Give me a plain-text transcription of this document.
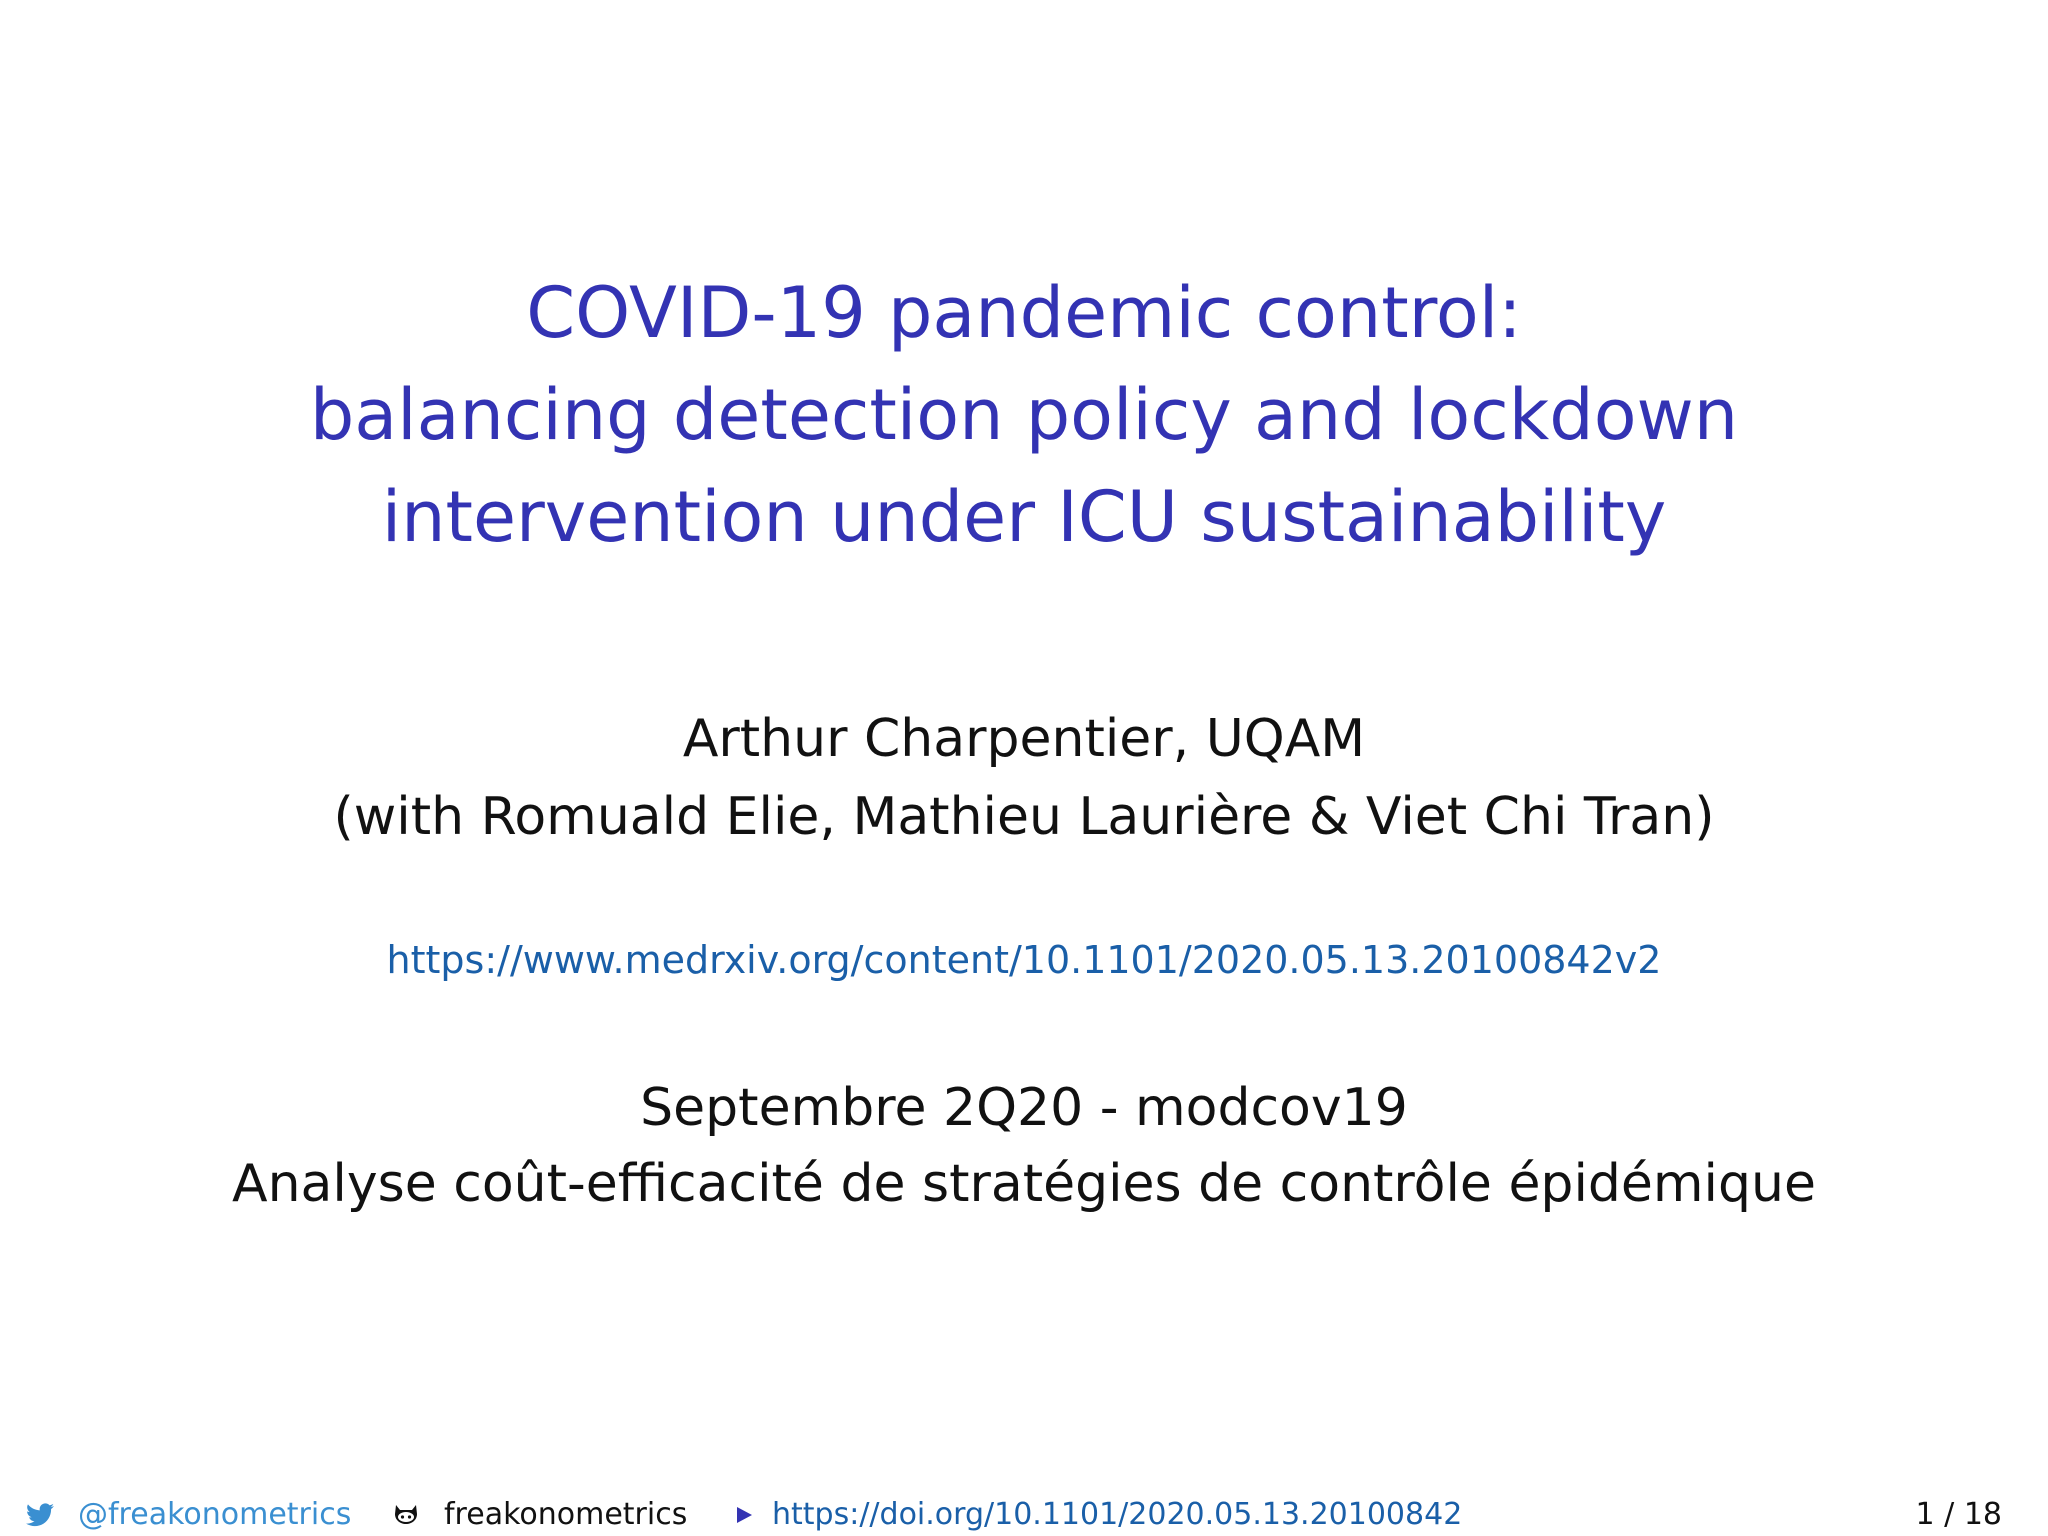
COVID-19 pandemic control:
balancing detection policy and lockdown
intervention under ICU sustainability
Arthur Charpentier, UQAM
(with Romuald Elie, Mathieu Laurière & Viet Chi Tran)
https://www.medrxiv.org/content/10.1101/2020.05.13.20100842v2
Septembre 2Q20 - modcov19
Analyse coût-efficacité de stratégies de contrôle épidémique
@freakonometrics	freakonometrics	https://doi.org/10.1101/2020.05.13.20100842	1 / 18
